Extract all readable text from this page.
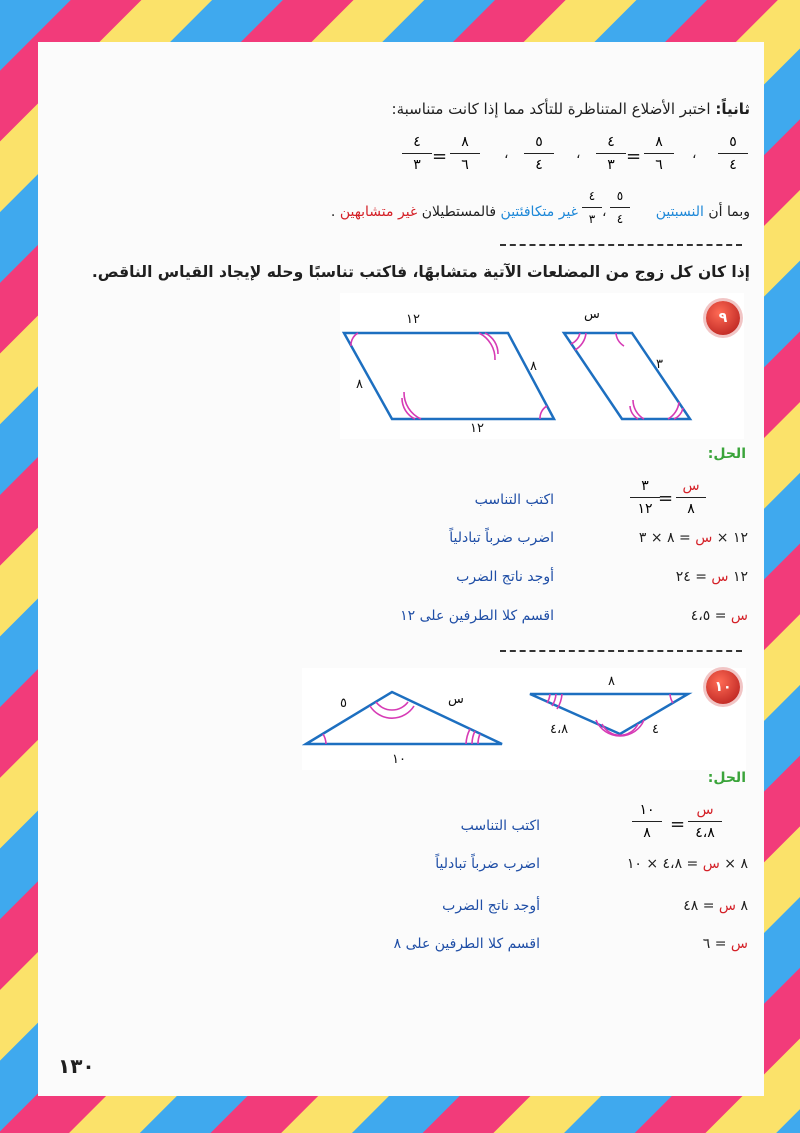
ثانياً: اختبر الأضلاع المتناظرة للتأكد مما إذا كانت متناسبة:
٥
٤
،
٨
٦
=
٤
٣
،
٥
٤
،
٨
٦
=
٤
٣
وبما أن النسبتين
٥
٤
،
٤
٣
غير متكافئتين فالمستطيلان غير متشابهين .
إذا كان كل زوج من المضلعات الآتية متشابهًا، فاكتب تناسبًا وحله لإيجاد القياس الناقص.
١٢
٨
٨
١٢
س
٣
٩
الحل:
س
٨
=
٣
١٢
اكتب التناسب
١٢ × س = ٨ × ٣
اضرب ضرباً تبادلياً
١٢ س = ٢٤
أوجد ناتج الضرب
س = ٤،٥
اقسم كلا الطرفين على ١٢
٥	س
١٠
٨
٤،٨	٤
١٠
الحل:
س
٤،٨
=
١٠
٨
اكتب التناسب
٨ × س = ٤،٨ × ١٠
اضرب ضرباً تبادلياً
٨ س = ٤٨
أوجد ناتج الضرب
س = ٦
اقسم كلا الطرفين على ٨
١٣٠
